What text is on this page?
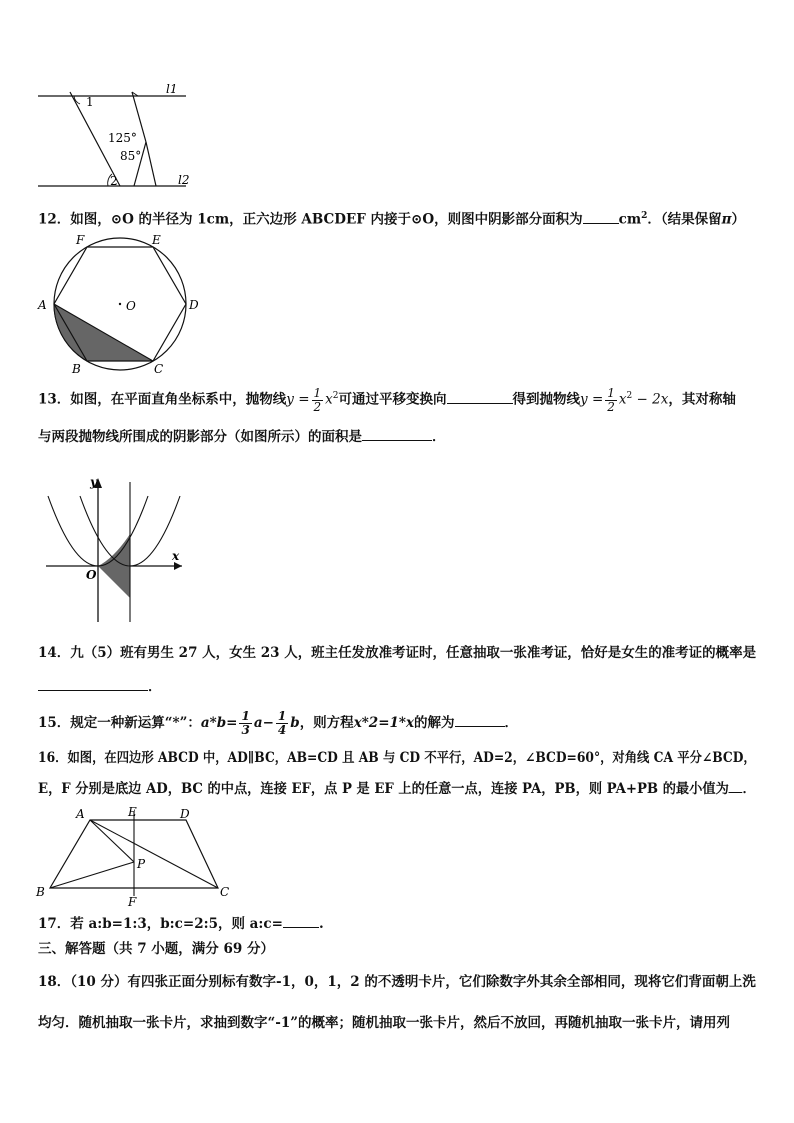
l1
l2
1
2
125°
85°
12．如图，⊙O 的半径为 1cm，正六边形 ABCDEF 内接于⊙O，则图中阴影部分面积为	$cm^2$．（结果保留π）
A
B	C
D
E
F
O
13．如图，在平面直角坐标系中，抛物线$y = \frac{1}{2} x^2$可通过平移变换向	得到抛物线$y = \frac{1}{2} x^2 - 2x$，其对称轴
与两段抛物线所围成的阴影部分（如图所示）的面积是	．
y
x
O
14．九（5）班有男生 27 人，女生 23 人，班主任发放准考证时，任意抽取一张准考证，恰好是女生的准考证的概率是
．
15．规定一种新运算“*”：$a*b= \frac{1}{3} a- \frac{1}{4}$ b，则方程x*2=1*x的解为	．
16．如图，在四边形 ABCD 中，AD∥BC，AB=CD 且 AB 与 CD 不平行，AD=2，∠BCD=60°，对角线 CA 平分∠BCD，
E，F 分别是底边 AD，BC 的中点，连接 EF，点 P 是 EF 上的任意一点，连接 PA，PB，则 PA+PB 的最小值为 ．
A
B	C
D
E
F
P
17．若 a:b=1:3，b:c=2:5，则 a:c=	.
三、解答题（共 7 小题，满分 69 分）
18．（10 分）有四张正面分别标有数字-1，0，1，2 的不透明卡片，它们除数字外其余全部相同，现将它们背面朝上洗
均匀．随机抽取一张卡片，求抽到数字“-1”的概率；随机抽取一张卡片，然后不放回，再随机抽取一张卡片，请用列
